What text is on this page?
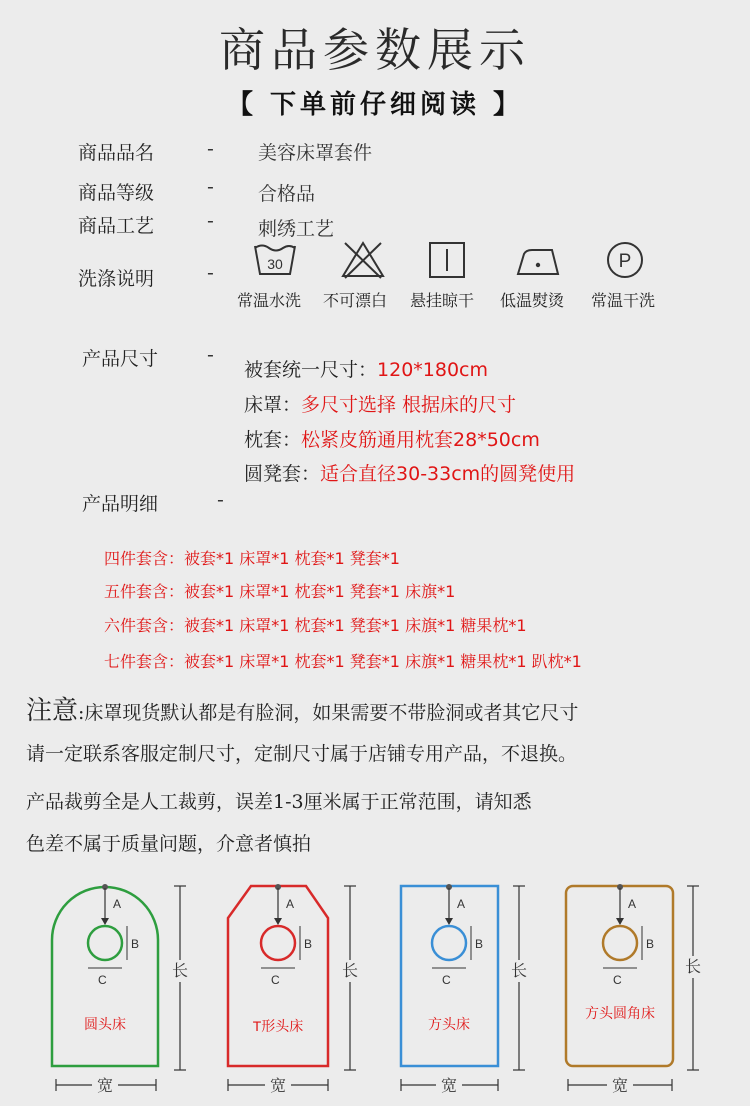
商品参数展示
【 下单前仔细阅读 】
商品品名	- 美容床罩套件
商品等级	- 合格品
商品工艺	- 刺绣工艺
洗涤说明	-	30	P
常温水洗 不可漂白 悬挂晾干 低温熨烫 常温干洗
产品尺寸	-
被套统一尺寸：120*180cm
床罩：多尺寸选择 根据床的尺寸
枕套：松紧皮筋通用枕套28*50cm
圆凳套：适合直径30-33cm的圆凳使用
产品明细	-
四件套含：被套*1 床罩*1 枕套*1 凳套*1
五件套含：被套*1 床罩*1 枕套*1 凳套*1 床旗*1
六件套含：被套*1 床罩*1 枕套*1 凳套*1 床旗*1 糖果枕*1
七件套含：被套*1 床罩*1 枕套*1 凳套*1 床旗*1 糖果枕*1 趴枕*1
注意:床罩现货默认都是有脸洞，如果需要不带脸洞或者其它尺寸
请一定联系客服定制尺寸，定制尺寸属于店铺专用产品，不退换。
产品裁剪全是人工裁剪，误差1-3厘米属于正常范围，请知悉
色差不属于质量问题，介意者慎拍
A
B
C
圆头床
长
宽
A
B
C
T形头床
长
宽
A
B
C
方头床
长
宽
A
B
C
方头圆角床
长
宽
